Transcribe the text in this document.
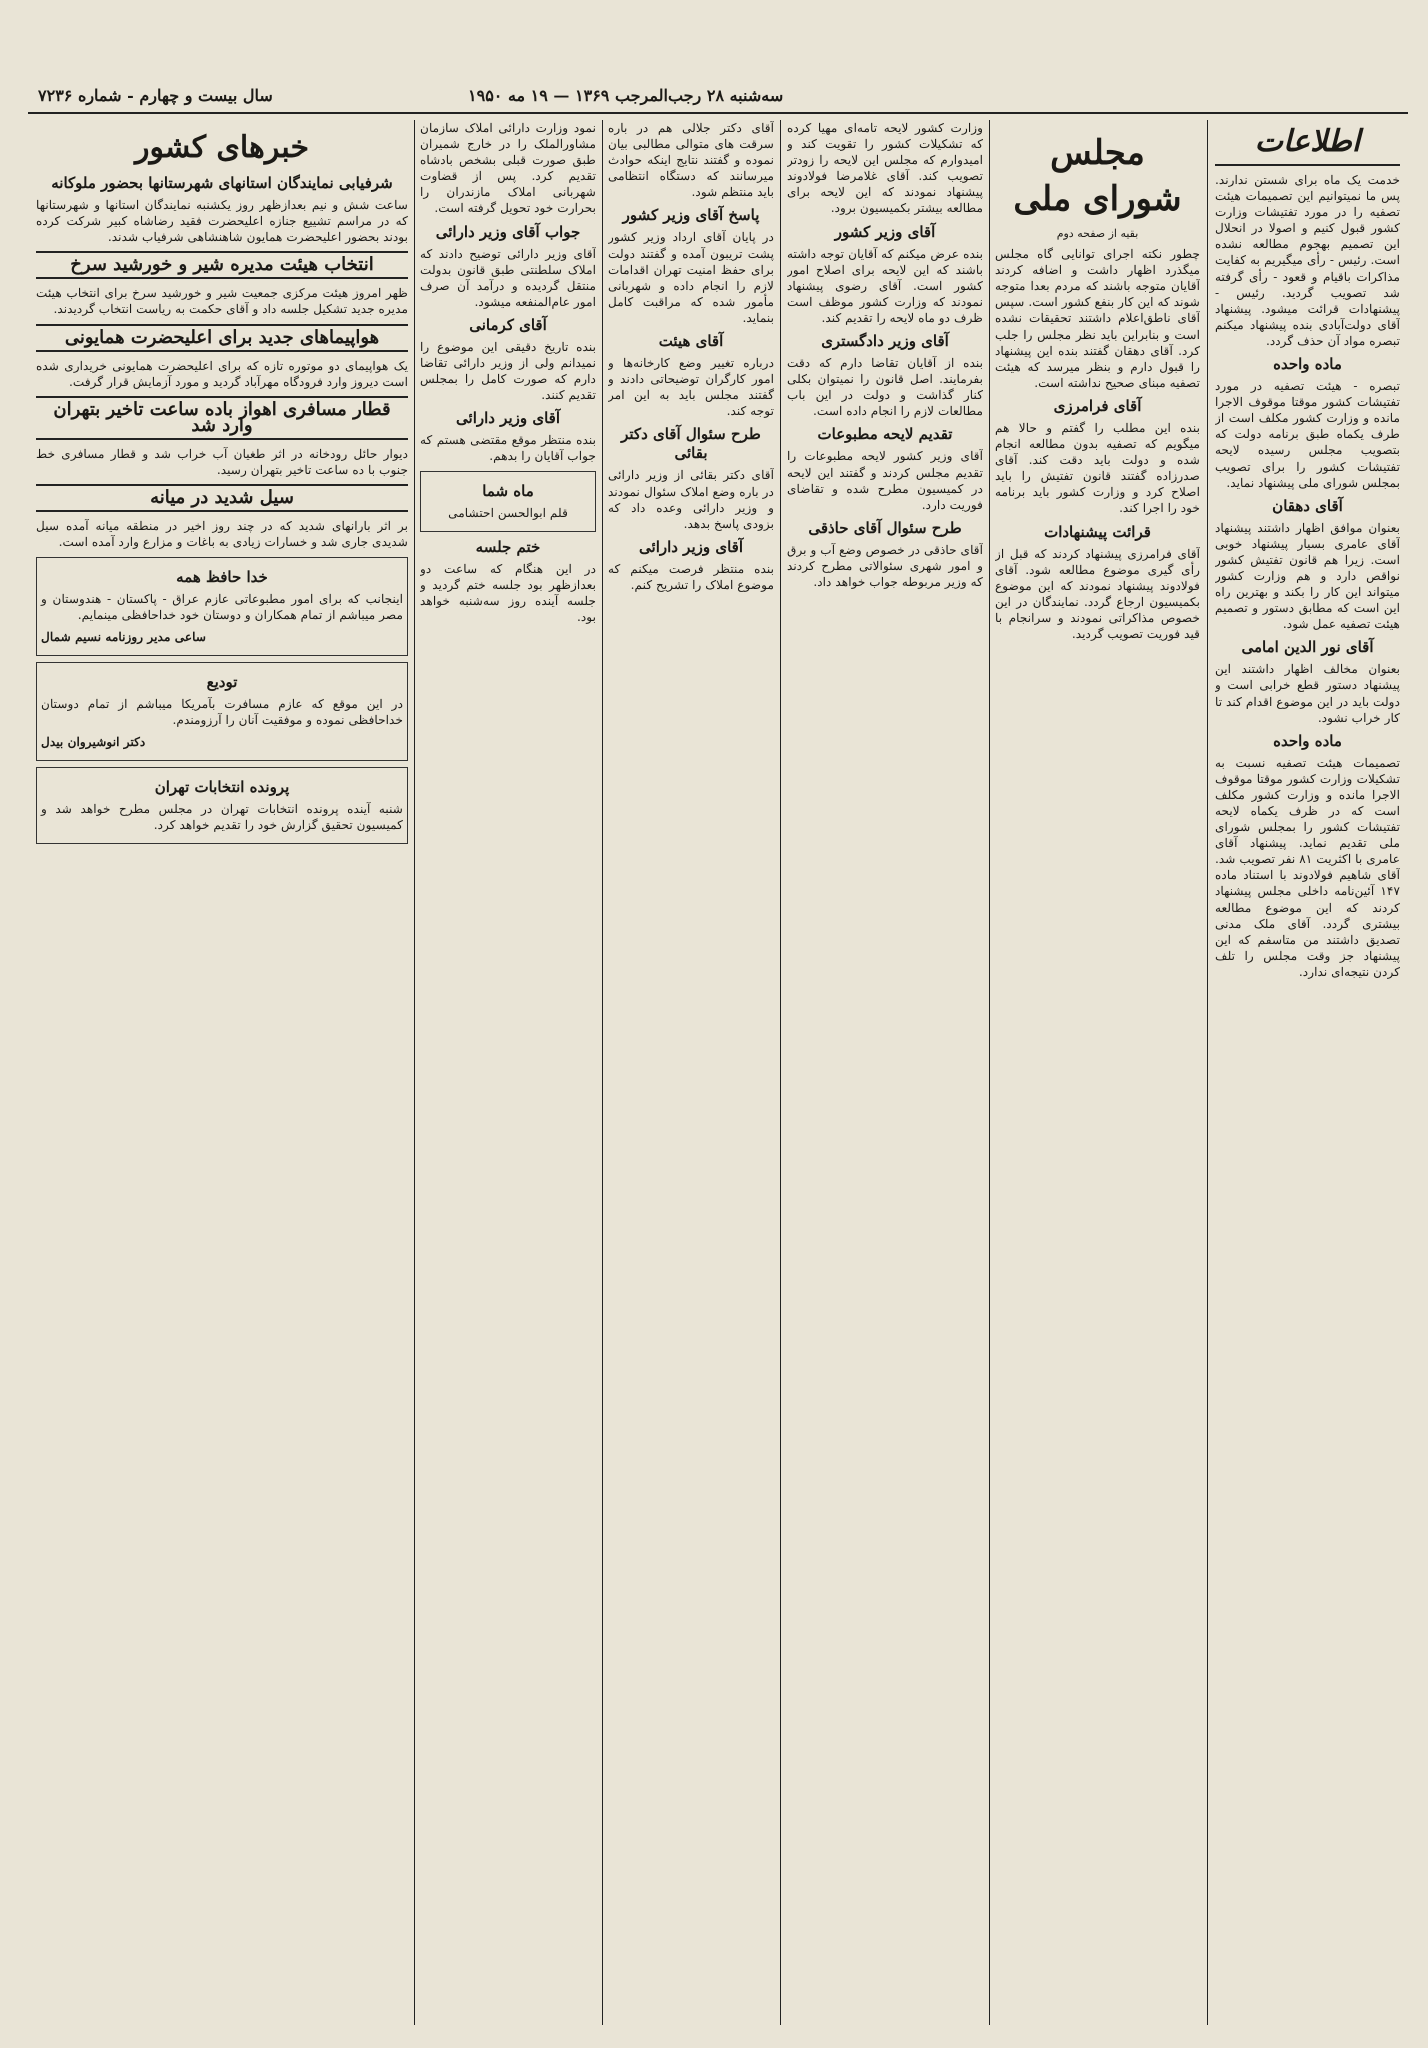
سه‌شنبه ۲۸ رجب‌المرجب ۱۳۶۹ — ۱۹ مه ۱۹۵۰
سال بیست و چهارم - شماره ۷۲۳۶
اطلاعات

خدمت یک ماه برای شستن ندارند. پس ما نمیتوانیم این تصمیمات هیئت تصفیه را در مورد تفتیشات وزارت کشور قبول کنیم و اصولا در انحلال این تصمیم بهجوم مطالعه نشده است. رئیس - رأی میگیریم به کفایت مذاکرات باقیام و قعود - رأی گرفته شد تصویب گردید. رئیس - پیشنهادات قرائت میشود. پیشنهاد آقای دولت‌آبادی بنده پیشنهاد میکنم تبصره مواد آن حذف گردد.

ماده واحده

تبصره - هیئت تصفیه در مورد تفتیشات کشور موقتا موقوف الاجرا مانده و وزارت کشور مکلف است از طرف یکماه طبق برنامه دولت که بتصویب مجلس رسیده لایحه تفتیشات کشور را برای تصویب بمجلس شورای ملی پیشنهاد نماید.

آقای دهقان

بعنوان موافق اظهار داشتند پیشنهاد آقای عامری بسیار پیشنهاد خوبی است. زیرا هم قانون تفتیش کشور نواقص دارد و هم وزارت کشور میتواند این کار را بکند و بهترین راه این است که مطابق دستور و تصمیم هیئت تصفیه عمل شود.

آقای نور الدین امامی

بعنوان مخالف اظهار داشتند این پیشنهاد دستور قطع خرابی است و دولت باید در این موضوع اقدام کند تا کار خراب نشود.

ماده واحده

تصمیمات هیئت تصفیه نسبت به تشکیلات وزارت کشور موقتا موقوف الاجرا مانده و وزارت کشور مکلف است که در ظرف یکماه لایحه تفتیشات کشور را بمجلس شورای ملی تقدیم نماید. پیشنهاد آقای عامری با اکثریت ۸۱ نفر تصویب شد. آقای شاهیم فولادوند با استناد ماده ۱۴۷ آئین‌نامه داخلی مجلس پیشنهاد کردند که این موضوع مطالعه بیشتری گردد. آقای ملک مدنی تصدیق داشتند من متاسفم که این پیشنهاد جز وقت مجلس را تلف کردن نتیجه‌ای ندارد.

مجلس شورای ملی
بقیه از صفحه دوم

چطور نکته اجرای توانایی گاه مجلس میگذرد اظهار داشت و اضافه کردند آقایان متوجه باشند که مردم بعدا متوجه شوند که این کار بنفع کشور است. سپس آقای ناطق‌اعلام داشتند تحقیقات نشده است و بنابراین باید نظر مجلس را جلب کرد. آقای دهقان گفتند بنده این پیشنهاد را قبول دارم و بنظر میرسد که هیئت تصفیه مبنای صحیح نداشته است.

آقای فرامرزی

بنده این مطلب را گفتم و حالا هم میگویم که تصفیه بدون مطالعه انجام شده و دولت باید دقت کند. آقای صدرزاده گفتند قانون تفتیش را باید اصلاح کرد و وزارت کشور باید برنامه خود را اجرا کند.

قرائت پیشنهادات

آقای فرامرزی پیشنهاد کردند که قبل از رأی گیری موضوع مطالعه شود. آقای فولادوند پیشنهاد نمودند که این موضوع بکمیسیون ارجاع گردد. نمایندگان در این خصوص مذاکراتی نمودند و سرانجام با قید فوریت تصویب گردید.

وزارت کشور لایحه تامه‌ای مهیا کرده که تشکیلات کشور را تقویت کند و امیدوارم که مجلس این لایحه را زودتر تصویب کند. آقای غلامرضا فولادوند پیشنهاد نمودند که این لایحه برای مطالعه بیشتر بکمیسیون برود.

آقای وزیر کشور

بنده عرض میکنم که آقایان توجه داشته باشند که این لایحه برای اصلاح امور کشور است. آقای رضوی پیشنهاد نمودند که وزارت کشور موظف است ظرف دو ماه لایحه را تقدیم کند.

آقای وزیر دادگستری

بنده از آقایان تقاضا دارم که دقت بفرمایند. اصل قانون را نمیتوان بکلی کنار گذاشت و دولت در این باب مطالعات لازم را انجام داده است.

تقدیم لایحه مطبوعات

آقای وزیر کشور لایحه مطبوعات را تقدیم مجلس کردند و گفتند این لایحه در کمیسیون مطرح شده و تقاضای فوریت دارد.

طرح سئوال آقای حاذقی

آقای حاذقی در خصوص وضع آب و برق و امور شهری سئوالاتی مطرح کردند که وزیر مربوطه جواب خواهد داد.

آقای دکتر جلالی هم در باره سرقت های متوالی مطالبی بیان نموده و گفتند نتایج اینکه حوادث میرسانند که دستگاه انتظامی باید منتظم شود.

پاسخ آقای وزیر کشور

در پایان آقای ارداد وزیر کشور پشت تریبون آمده و گفتند دولت برای حفظ امنیت تهران اقدامات لازم را انجام داده و شهربانی مأمور شده که مراقبت کامل بنماید.

آقای هیئت

درباره تغییر وضع کارخانه‌ها و امور کارگران توضیحاتی دادند و گفتند مجلس باید به این امر توجه کند.

طرح سئوال آقای دکتر بقائی

آقای دکتر بقائی از وزیر دارائی در باره وضع املاک سئوال نمودند و وزیر دارائی وعده داد که بزودی پاسخ بدهد.

آقای وزیر دارائی

بنده منتظر فرصت میکنم که موضوع املاک را تشریح کنم.

نمود وزارت دارائی املاک سازمان مشاورالملک را در خارج شمیران طبق صورت قبلی بشخص بادشاه تقدیم کرد. پس از قضاوت شهربانی املاک مازندران را بحرارت خود تحویل گرفته است.

جواب آقای وزیر دارائی

آقای وزیر دارائی توضیح دادند که املاک سلطنتی طبق قانون بدولت منتقل گردیده و درآمد آن صرف امور عام‌المنفعه میشود.

آقای کرمانی

بنده تاریخ دقیقی این موضوع را نمیدانم ولی از وزیر دارائی تقاضا دارم که صورت کامل را بمجلس تقدیم کنند.

آقای وزیر دارائی

بنده منتظر موقع مقتضی هستم که جواب آقایان را بدهم.

ماه شما

قلم ابوالحسن احتشامی

ختم جلسه

در این هنگام که ساعت دو بعدازظهر بود جلسه ختم گردید و جلسه آینده روز سه‌شنبه خواهد بود.

خبرهای کشور
شرفیابی نمایندگان استانهای شهرستانها بحضور ملوکانه

ساعت شش و نیم بعدازظهر روز یکشنبه نمایندگان استانها و شهرستانها که در مراسم تشییع جنازه اعلیحضرت فقید رضاشاه کبیر شرکت کرده بودند بحضور اعلیحضرت همایون شاهنشاهی شرفیاب شدند.

انتخاب هیئت مدیره شیر و خورشید سرخ

ظهر امروز هیئت مرکزی جمعیت شیر و خورشید سرخ برای انتخاب هیئت مدیره جدید تشکیل جلسه داد و آقای حکمت به ریاست انتخاب گردیدند.

هواپیماهای جدید برای اعلیحضرت همایونی

یک هواپیمای دو موتوره تازه که برای اعلیحضرت همایونی خریداری شده است دیروز وارد فرودگاه مهرآباد گردید و مورد آزمایش قرار گرفت.

قطار مسافری اهواز باده ساعت تاخیر بتهران وارد شد

دیوار حائل رودخانه در اثر طغیان آب خراب شد و قطار مسافری خط جنوب با ده ساعت تاخیر بتهران رسید.

سیل شدید در میانه

بر اثر بارانهای شدید که در چند روز اخیر در منطقه میانه آمده سیل شدیدی جاری شد و خسارات زیادی به باغات و مزارع وارد آمده است.

خدا حافظ همه

اینجانب که برای امور مطبوعاتی عازم عراق - پاکستان - هندوستان و مصر میباشم از تمام همکاران و دوستان خود خداحافظی مینمایم.

ساعی مدیر روزنامه نسیم شمال

تودیع

در این موقع که عازم مسافرت بآمریکا میباشم از تمام دوستان خداحافظی نموده و موفقیت آنان را آرزومندم.

دکتر انوشیروان بیدل

پرونده انتخابات تهران

شنبه آینده پرونده انتخابات تهران در مجلس مطرح خواهد شد و کمیسیون تحقیق گزارش خود را تقدیم خواهد کرد.
